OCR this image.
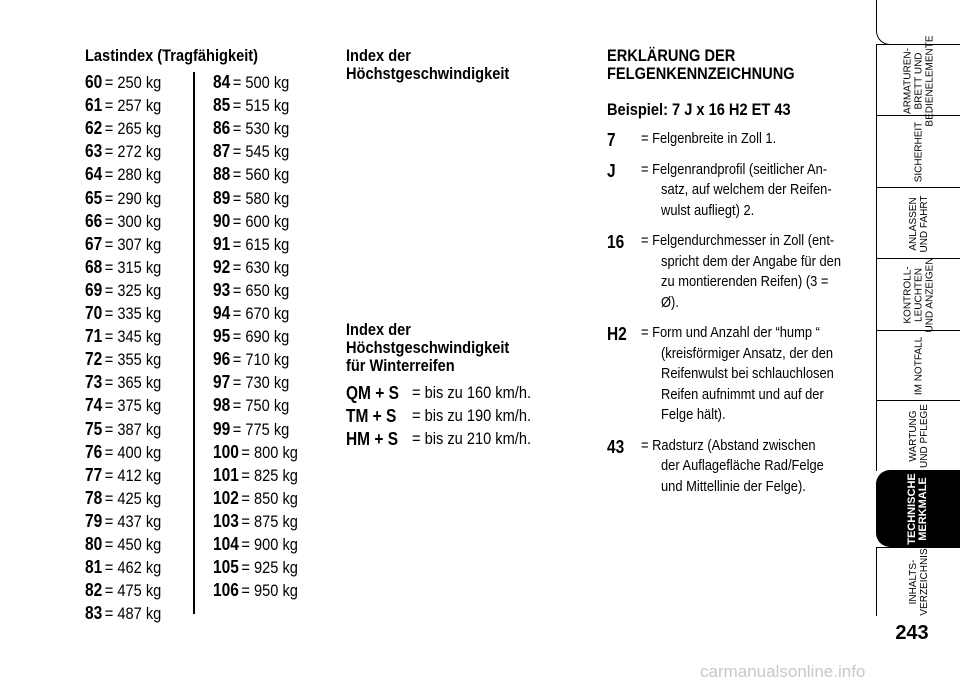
Lastindex (Tragfähigkeit)
60 = 250 kg
61 = 257 kg
62 = 265 kg
63 = 272 kg
64 = 280 kg
65 = 290 kg
66 = 300 kg
67 = 307 kg
68 = 315 kg
69 = 325 kg
70 = 335 kg
71 = 345 kg
72 = 355 kg
73 = 365 kg
74 = 375 kg
75 = 387 kg
76 = 400 kg
77 = 412 kg
78 = 425 kg
79 = 437 kg
80 = 450 kg
81 = 462 kg
82 = 475 kg
83 = 487 kg
84 = 500 kg
85 = 515 kg
86 = 530 kg
87 = 545 kg
88 = 560 kg
89 = 580 kg
90 = 600 kg
91 = 615 kg
92 = 630 kg
93 = 650 kg
94 = 670 kg
95 = 690 kg
96 = 710 kg
97 = 730 kg
98 = 750 kg
99 = 775 kg
100 = 800 kg
101 = 825 kg
102 = 850 kg
103 = 875 kg
104 = 900 kg
105 = 925 kg
106 = 950 kg
Index der
Höchstgeschwindigkeit
Index der
Höchstgeschwindigkeit
für Winterreifen
QM + S = bis zu 160 km/h.
TM + S = bis zu 190 km/h.
HM + S = bis zu 210 km/h.
ERKLÄRUNG DER
FELGENKENNZEICHNUNG
Beispiel: 7 J x 16 H2 ET 43
7 = Felgenbreite in Zoll 1.
J = Felgenrandprofil (seitlicher An-
satz, auf welchem der Reifen-
wulst aufliegt) 2.
16 = Felgendurchmesser in Zoll (ent-
spricht dem der Angabe für den
zu montierenden Reifen) (3 =
Ø).
H2 = Form und Anzahl der “hump “
(kreisförmiger Ansatz, der den
Reifenwulst bei schlauchlosen
Reifen aufnimmt und auf der
Felge hält).
43 = Radsturz (Abstand zwischen
der Auflagefläche Rad/Felge
und Mittellinie der Felge).
ARMATUREN-
BRETT UND
BEDIENELEMENTE
SICHERHEIT
ANLASSEN
UND FAHRT
KONTROLL-
LEUCHTEN
UND ANZEIGEN
IM NOTFALL
WARTUNG
UND PFLEGE
TECHNISCHE
MERKMALE
INHALTS-
VERZEICHNIS
243
carmanualsonline.info
